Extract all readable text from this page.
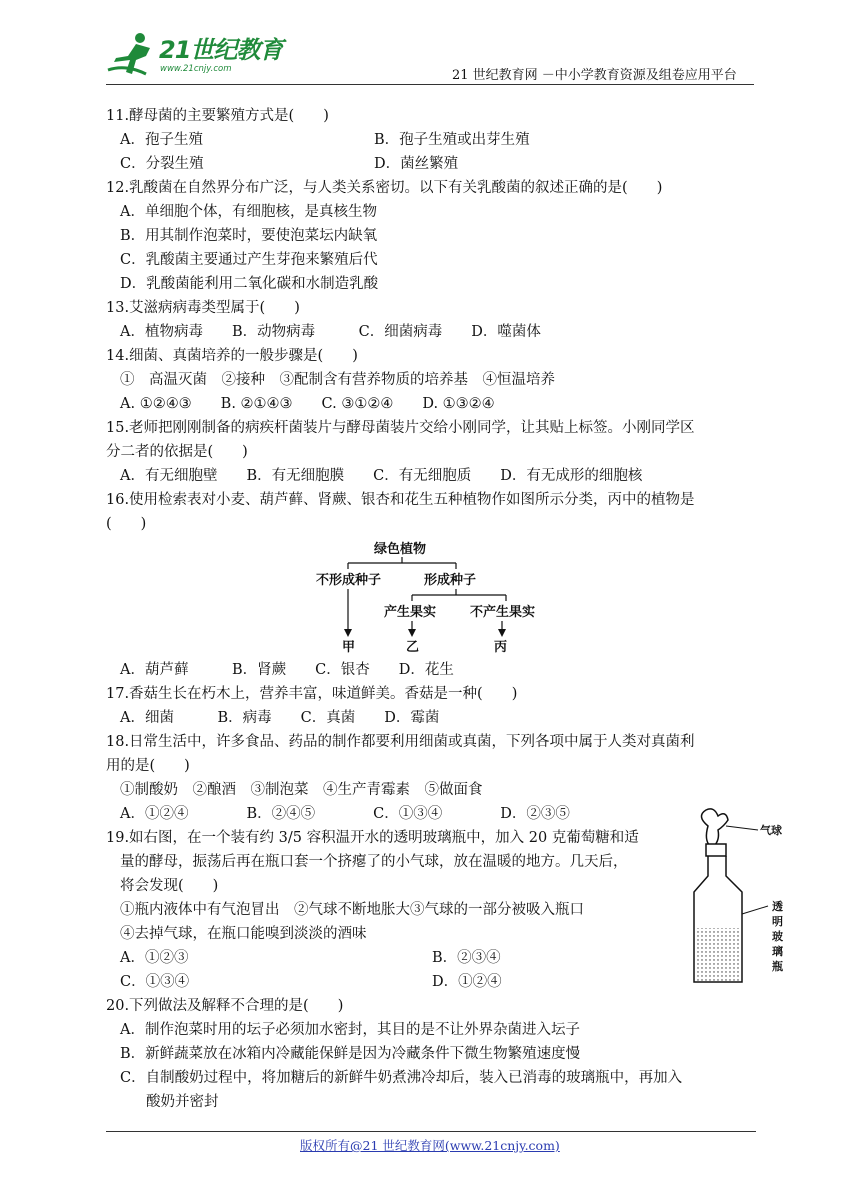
21世纪教育
www.21cnjy.com	21 世纪教育网 －中小学教育资源及组卷应用平台
11.酵母菌的主要繁殖方式是(　　)
A．孢子生殖	B．孢子生殖或出芽生殖
C．分裂生殖	D．菌丝繁殖
12.乳酸菌在自然界分布广泛，与人类关系密切。以下有关乳酸菌的叙述正确的是(　　)
A．单细胞个体，有细胞核，是真核生物
B．用其制作泡菜时，要使泡菜坛内缺氧
C．乳酸菌主要通过产生芽孢来繁殖后代
D．乳酸菌能利用二氧化碳和水制造乳酸
13.艾滋病病毒类型属于(　　)
A．植物病毒　　B．动物病毒　　　C．细菌病毒　　D．噬菌体
14.细菌、真菌培养的一般步骤是(　　)
①　高温灭菌　②接种　③配制含有营养物质的培养基　④恒温培养
A. ①②④③　　B. ②①④③　　C. ③①②④　　D. ①③②④
15.老师把刚刚制备的病疾杆菌装片与酵母菌装片交给小刚同学，让其贴上标签。小刚同学区
分二者的依据是(　　)
A．有无细胞壁　　B．有无细胞膜　　C．有无细胞质　　D．有无成形的细胞核
16.使用检索表对小麦、葫芦藓、肾蕨、银杏和花生五种植物作如图所示分类，丙中的植物是
(　　)
绿色植物
不形成种子	形成种子
产生果实	不产生果实
甲	乙	丙
A．葫芦藓　　　B．肾蕨　　C．银杏　　D．花生
17.香菇生长在朽木上，营养丰富，味道鲜美。香菇是一种(　　)
A．细菌　　　B．病毒　　C．真菌　　D．霉菌
18.日常生活中，许多食品、药品的制作都要利用细菌或真菌，下列各项中属于人类对真菌利
用的是(　　)
①制酸奶　②酿酒　③制泡菜　④生产青霉素　⑤做面食
A．①②④　　　　B．②④⑤　　　　C．①③④　　　　D．②③⑤
19.如右图，在一个装有约 3/5 容积温开水的透明玻璃瓶中，加入 20 克葡萄糖和适
量的酵母，振荡后再在瓶口套一个挤瘪了的小气球，放在温暖的地方。几天后，
将会发现(　　)
①瓶内液体中有气泡冒出　②气球不断地胀大③气球的一部分被吸入瓶口
④去掉气球，在瓶口能嗅到淡淡的酒味
A．①②③	B．②③④
C．①③④	D．①②④
气球
透
明
玻
璃
瓶
20.下列做法及解释不合理的是(　　)
A．制作泡菜时用的坛子必须加水密封，其目的是不让外界杂菌进入坛子
B．新鲜蔬菜放在冰箱内冷藏能保鲜是因为冷藏条件下微生物繁殖速度慢
C．自制酸奶过程中，将加糖后的新鲜牛奶煮沸冷却后，装入已消毒的玻璃瓶中，再加入
酸奶并密封
版权所有@21 世纪教育网(www.21cnjy.com)
